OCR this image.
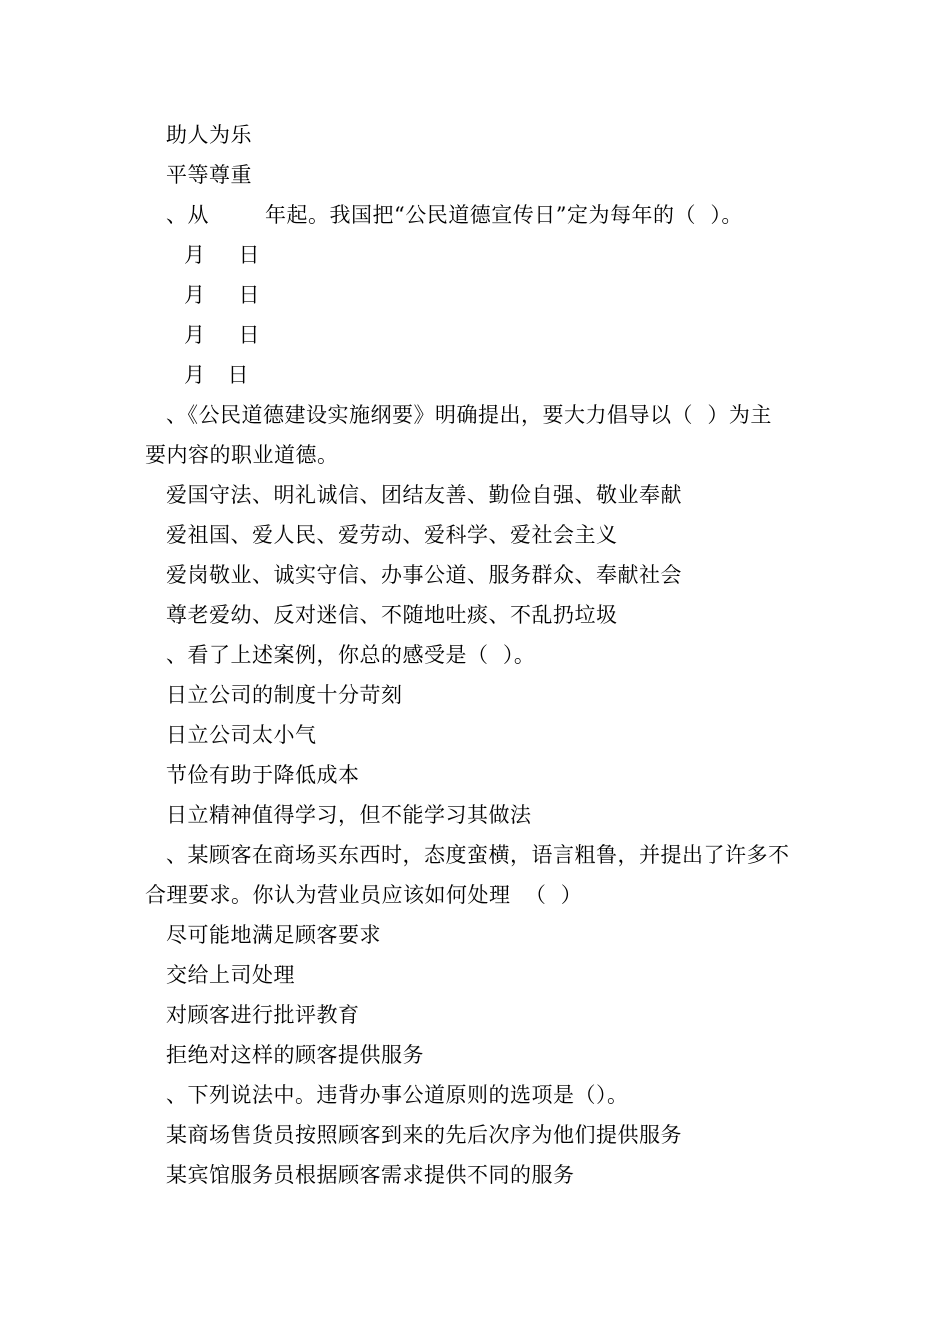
助人为乐
平等尊重
、从	年起。我国把“公民道德宣传日”定为每年的（  ）。
月 日
月 日
月 日
月 日
、《公民道德建设实施纲要》明确提出，要大力倡导以（  ）为主
要内容的职业道德。
爱国守法、明礼诚信、团结友善、勤俭自强、敬业奉献
爱祖国、爱人民、爱劳动、爱科学、爱社会主义
爱岗敬业、诚实守信、办事公道、服务群众、奉献社会
尊老爱幼、反对迷信、不随地吐痰、不乱扔垃圾
、看了上述案例，你总的感受是（  ）。
日立公司的制度十分苛刻
日立公司太小气
节俭有助于降低成本
日立精神值得学习，但不能学习其做法
、某顾客在商场买东西时，态度蛮横，语言粗鲁，并提出了许多不
合理要求。你认为营业员应该如何处理  （  ）
尽可能地满足顾客要求
交给上司处理
对顾客进行批评教育
拒绝对这样的顾客提供服务
、下列说法中。违背办事公道原则的选项是（）。
某商场售货员按照顾客到来的先后次序为他们提供服务
某宾馆服务员根据顾客需求提供不同的服务
